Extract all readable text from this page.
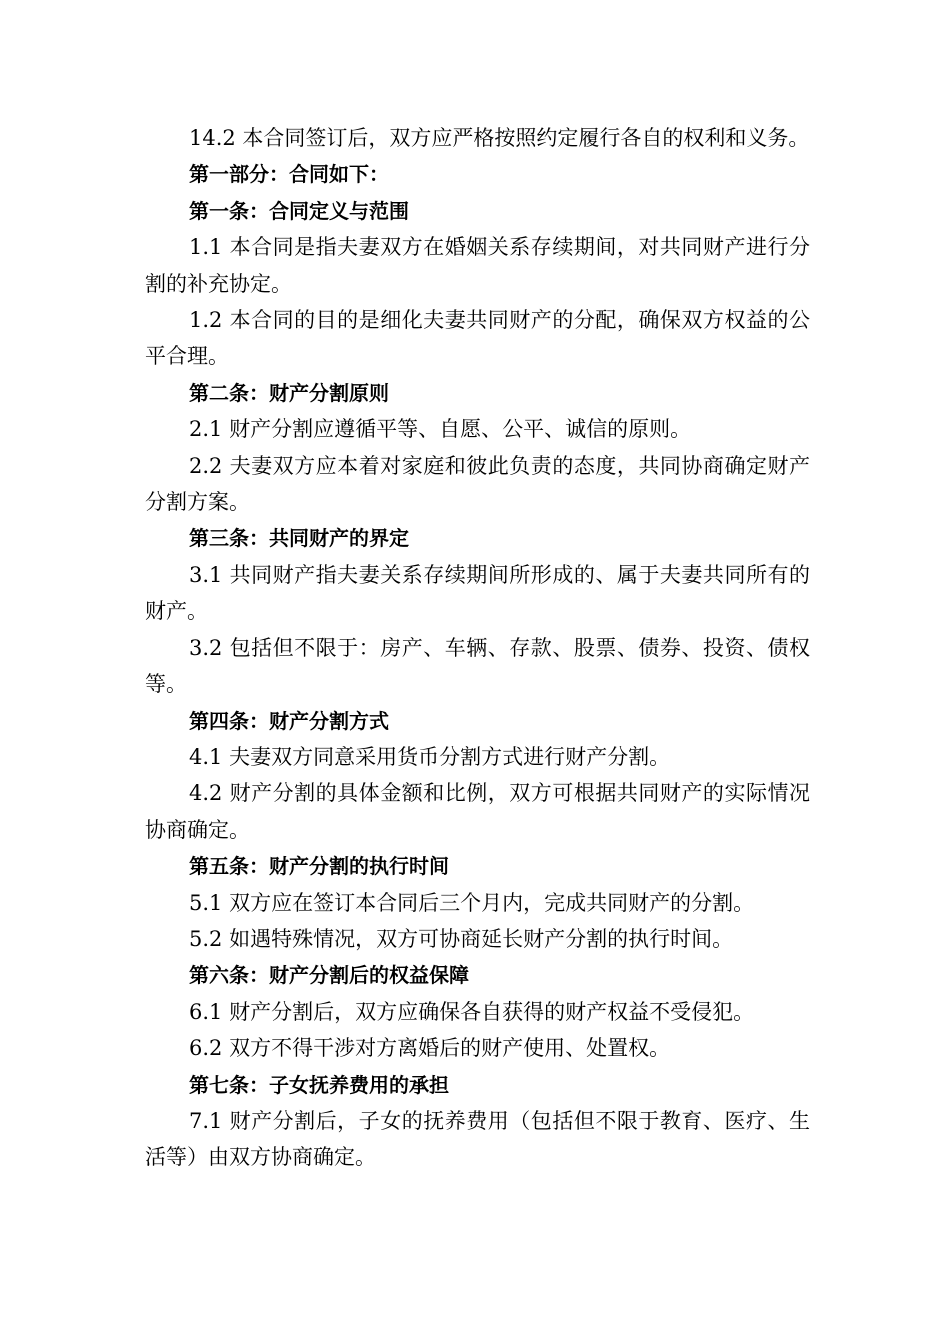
14.2 本合同签订后，双方应严格按照约定履行各自的权利和义务。

第一部分：合同如下：

第一条：合同定义与范围

1.1 本合同是指夫妻双方在婚姻关系存续期间，对共同财产进行分割的补充协定。

1.2 本合同的目的是细化夫妻共同财产的分配，确保双方权益的公平合理。

第二条：财产分割原则

2.1 财产分割应遵循平等、自愿、公平、诚信的原则。

2.2 夫妻双方应本着对家庭和彼此负责的态度，共同协商确定财产分割方案。

第三条：共同财产的界定

3.1 共同财产指夫妻关系存续期间所形成的、属于夫妻共同所有的财产。

3.2 包括但不限于：房产、车辆、存款、股票、债券、投资、债权等。

第四条：财产分割方式

4.1 夫妻双方同意采用货币分割方式进行财产分割。

4.2 财产分割的具体金额和比例，双方可根据共同财产的实际情况协商确定。

第五条：财产分割的执行时间

5.1 双方应在签订本合同后三个月内，完成共同财产的分割。

5.2 如遇特殊情况，双方可协商延长财产分割的执行时间。

第六条：财产分割后的权益保障

6.1 财产分割后，双方应确保各自获得的财产权益不受侵犯。

6.2 双方不得干涉对方离婚后的财产使用、处置权。

第七条：子女抚养费用的承担

7.1 财产分割后，子女的抚养费用（包括但不限于教育、医疗、生活等）由双方协商确定。
